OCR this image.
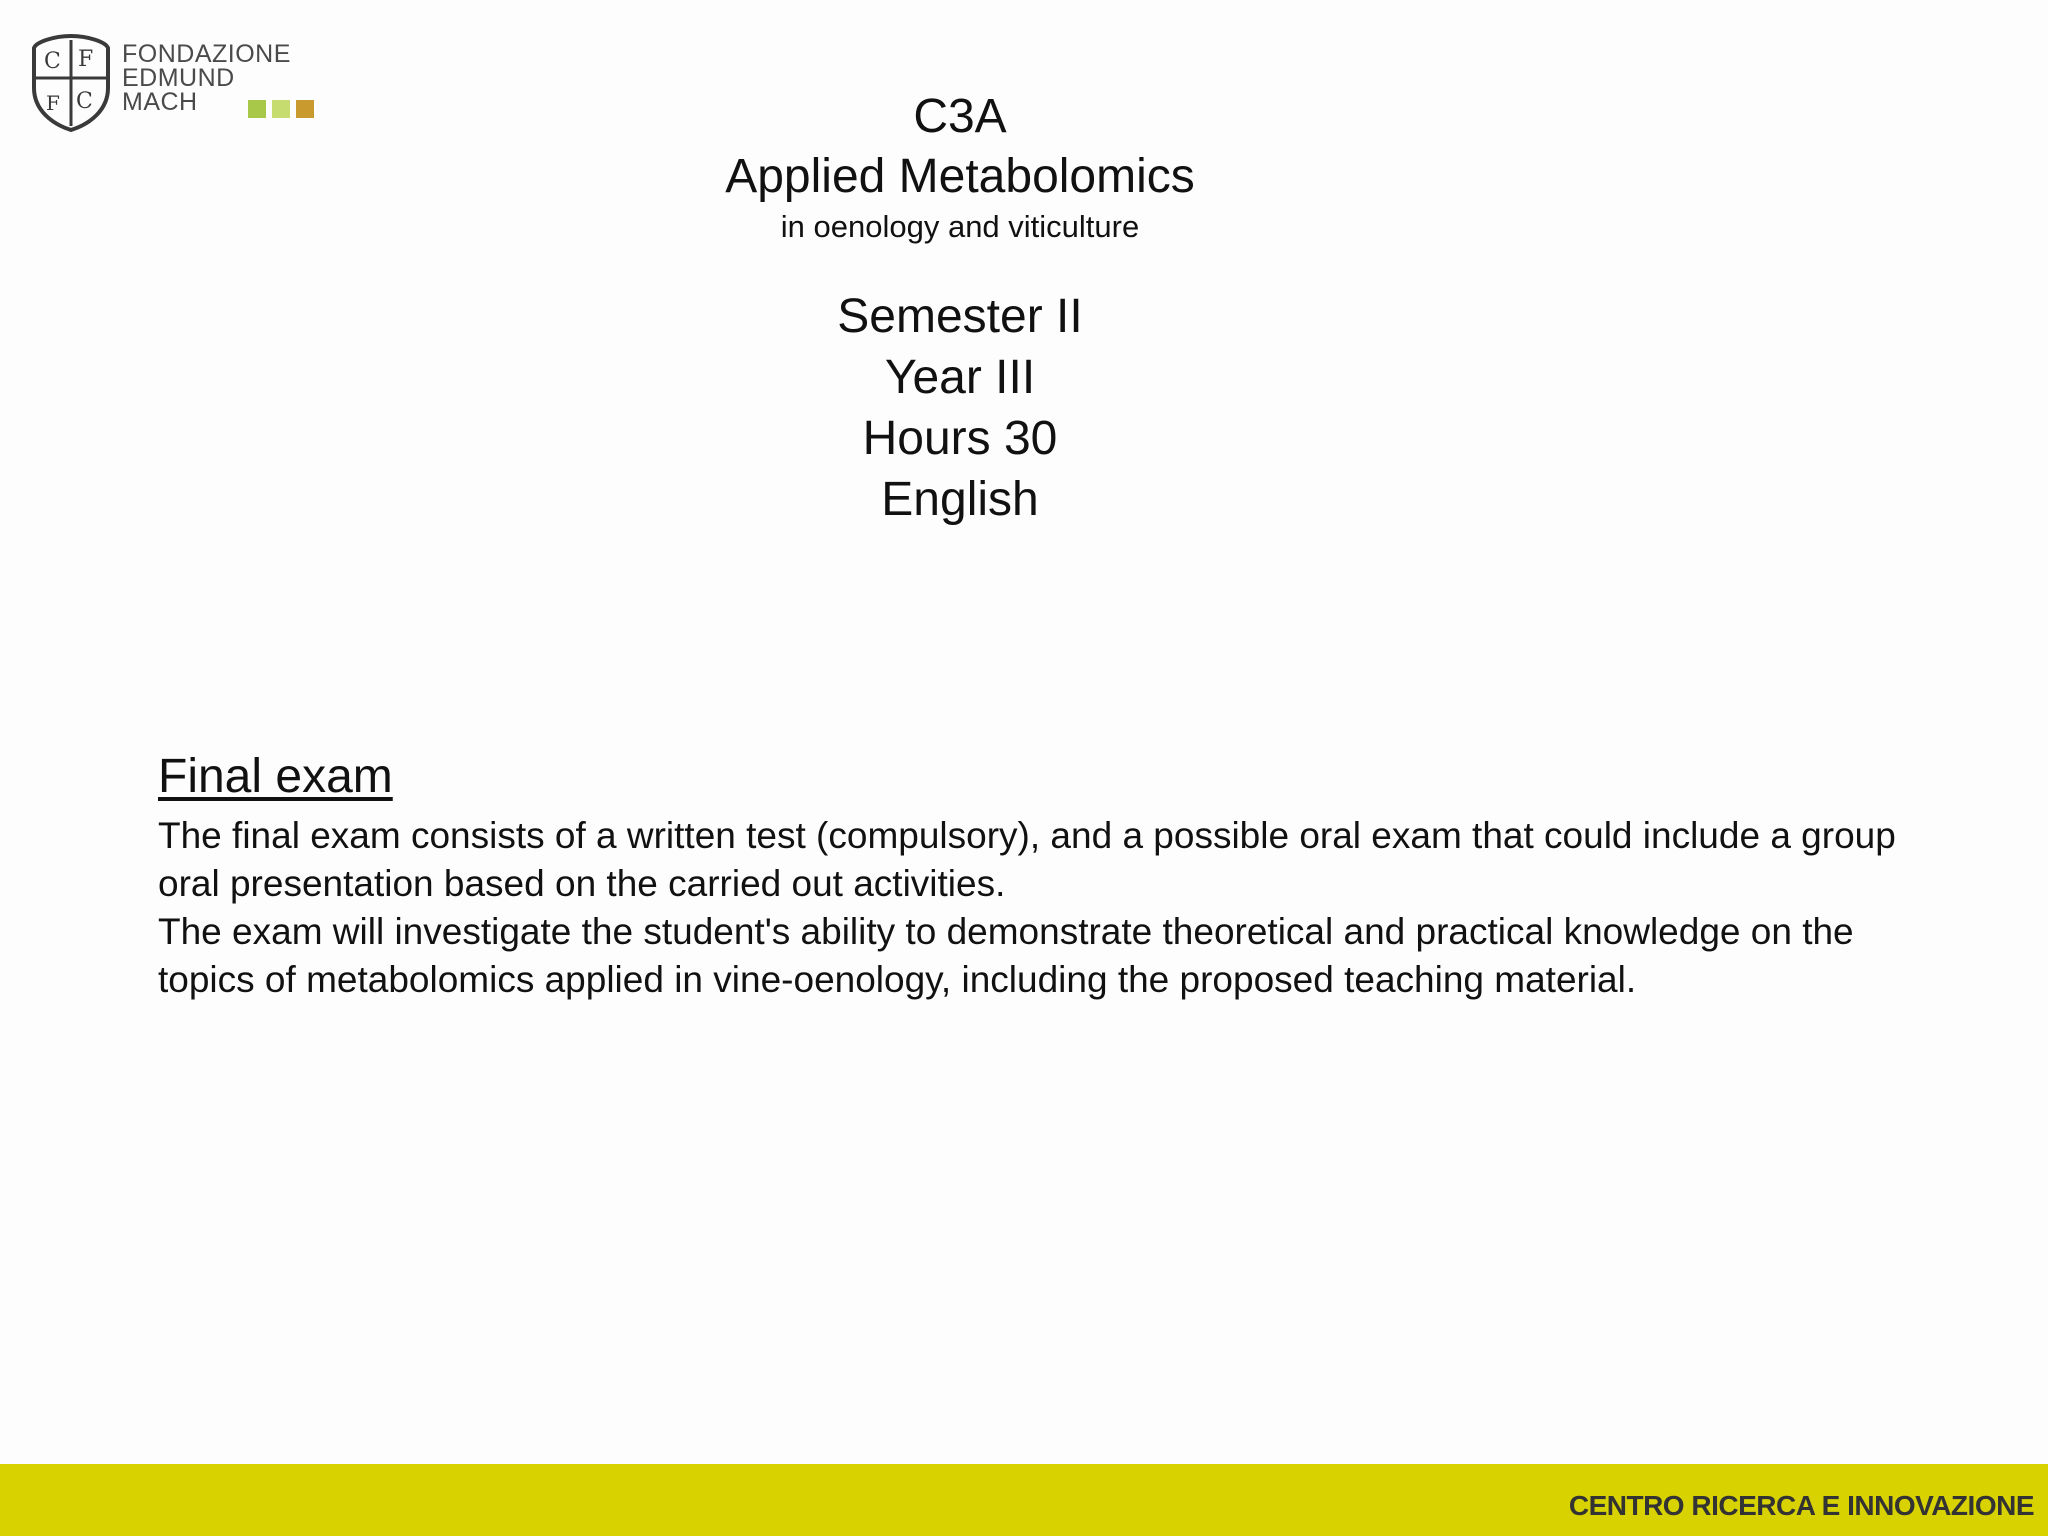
C F
F C
FONDAZIONE
EDMUND
MACH	C3A
Applied Metabolomics
in oenology and viticulture
Semester II
Year III
Hours 30
English
Final exam

The final exam consists of a written test (compulsory), and a possible oral exam that could include a group oral presentation based on the carried out activities.

The exam will investigate the student's ability to demonstrate theoretical and practical knowledge on the topics of metabolomics applied in vine-oenology, including the proposed teaching material.

CENTRO RICERCA E INNOVAZIONE
